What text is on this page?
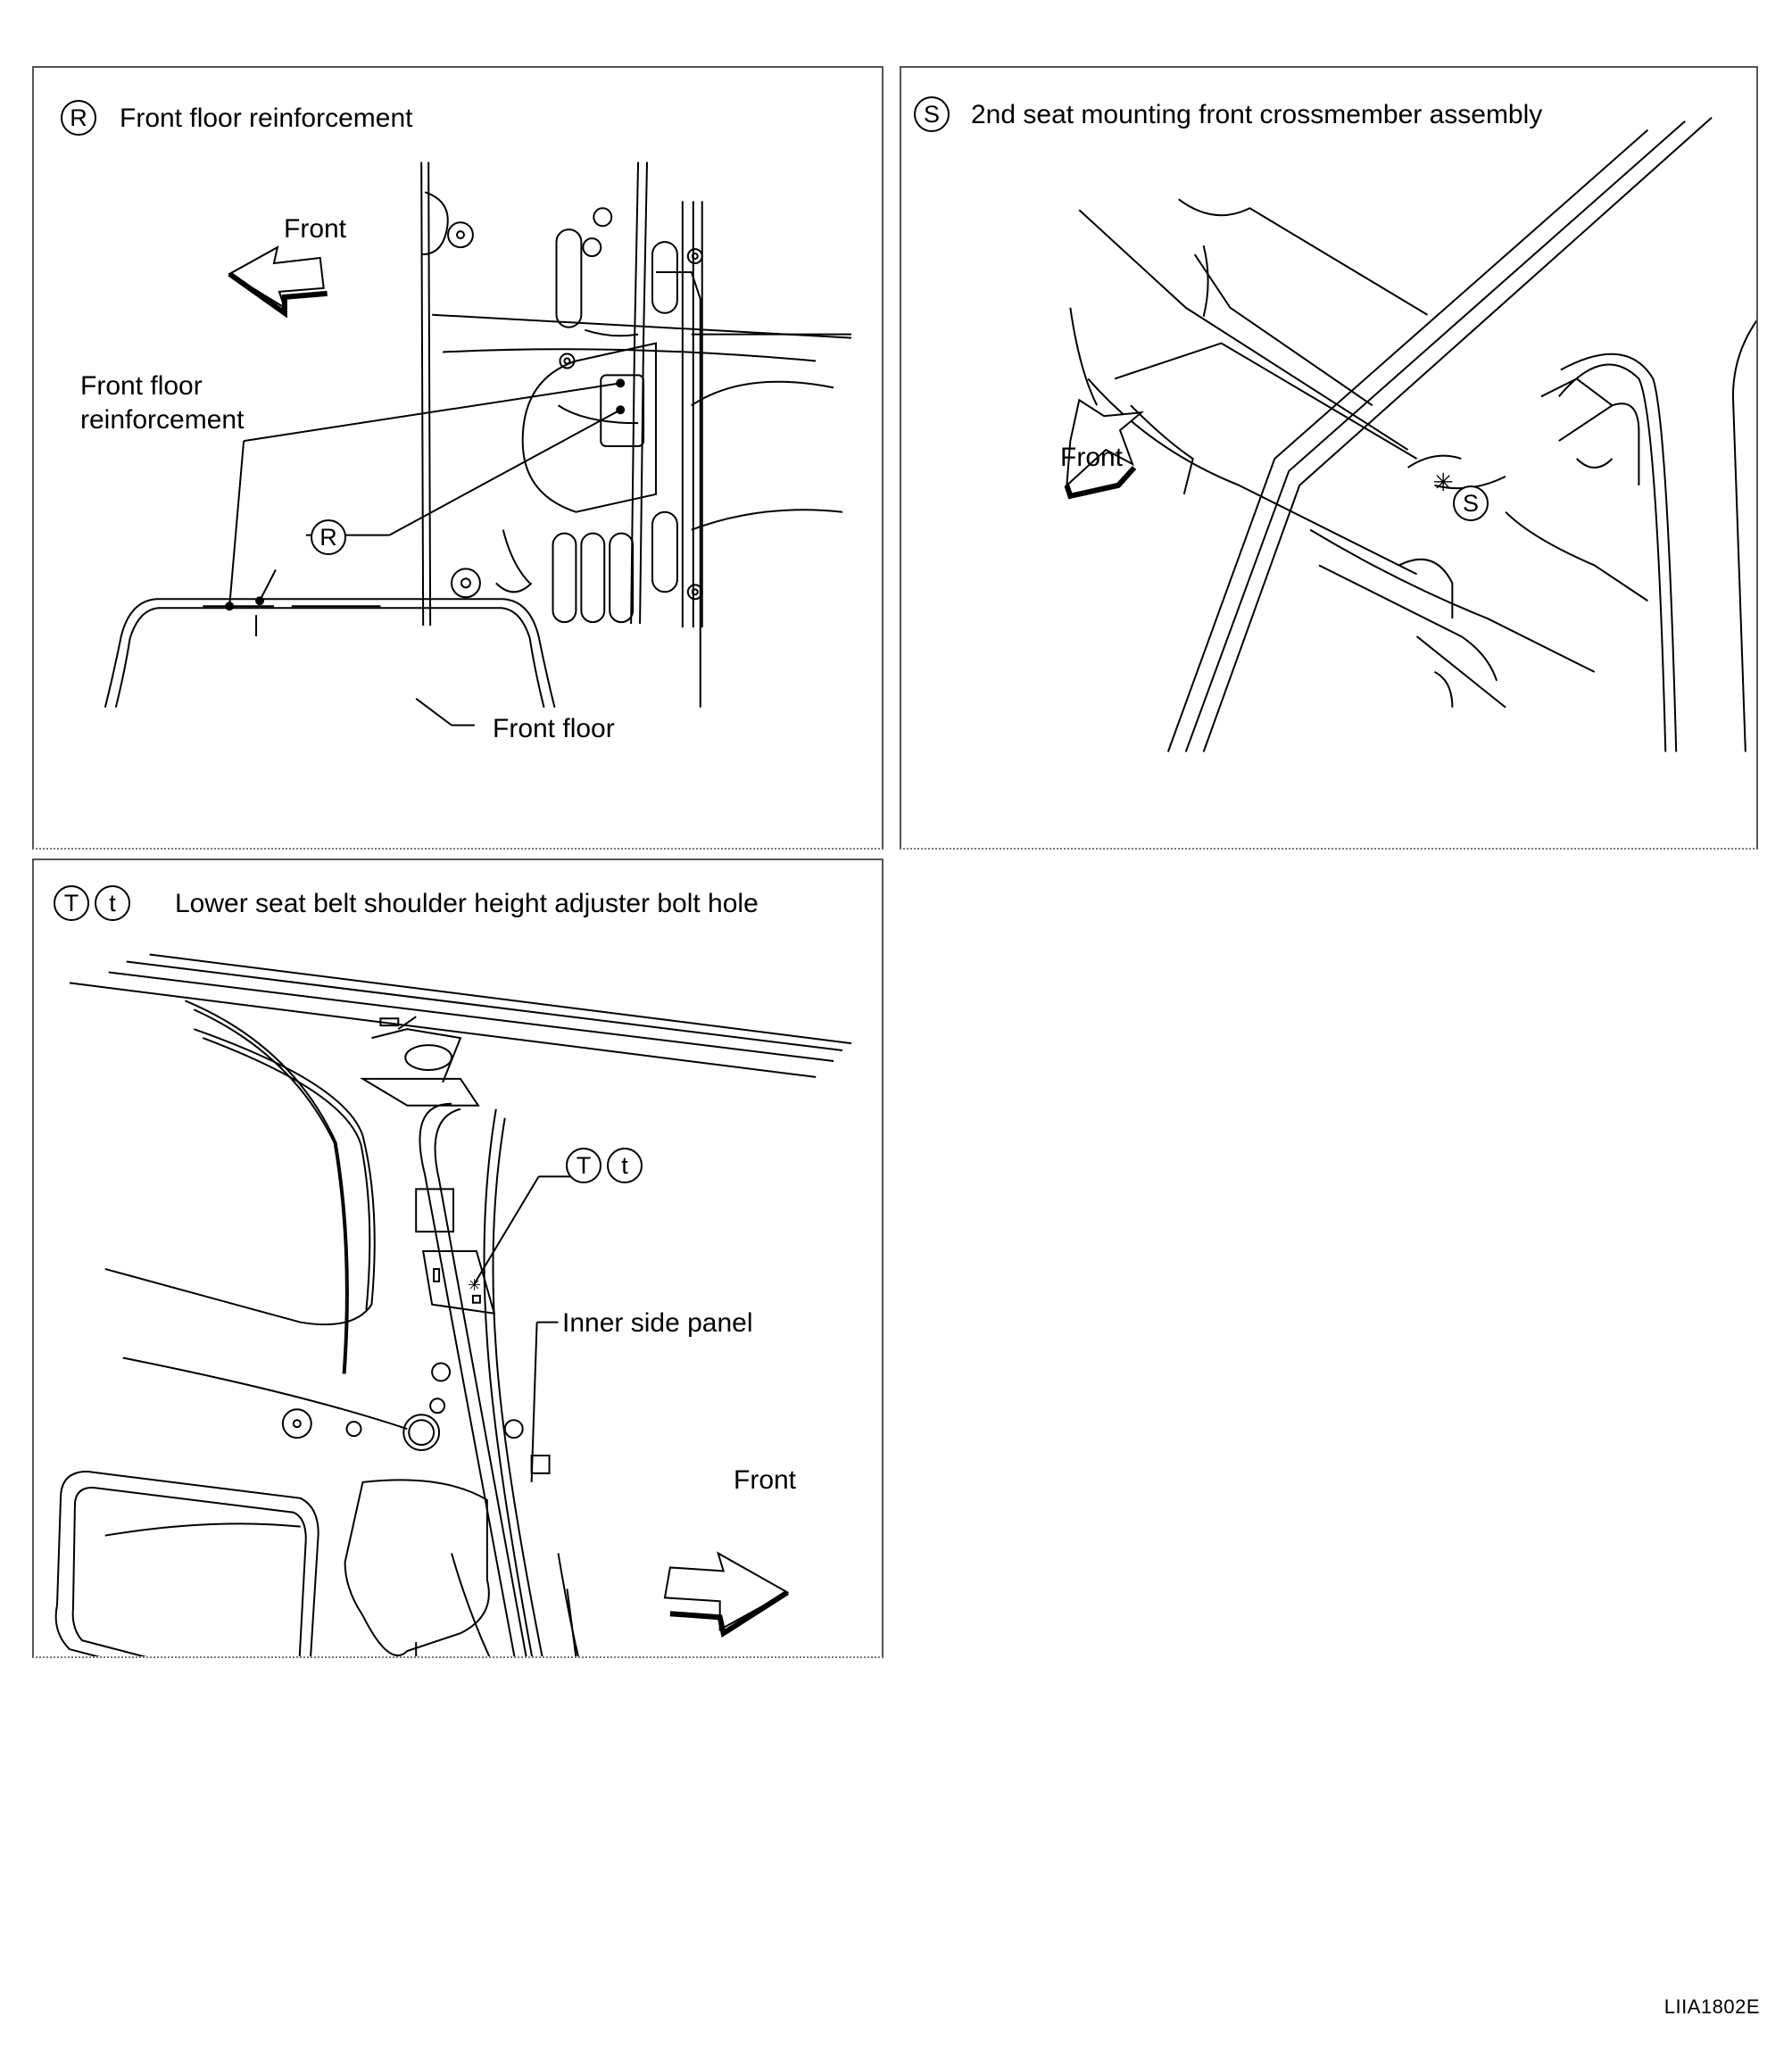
R	Front floor reinforcement
Front
Front floor
reinforcement
R
Front floor
✳
S	2nd seat mounting front crossmember assembly
Front
S
✳
T	t	Lower seat belt shoulder height adjuster bolt hole
T	t
Inner side panel
Front
LIIA1802E
